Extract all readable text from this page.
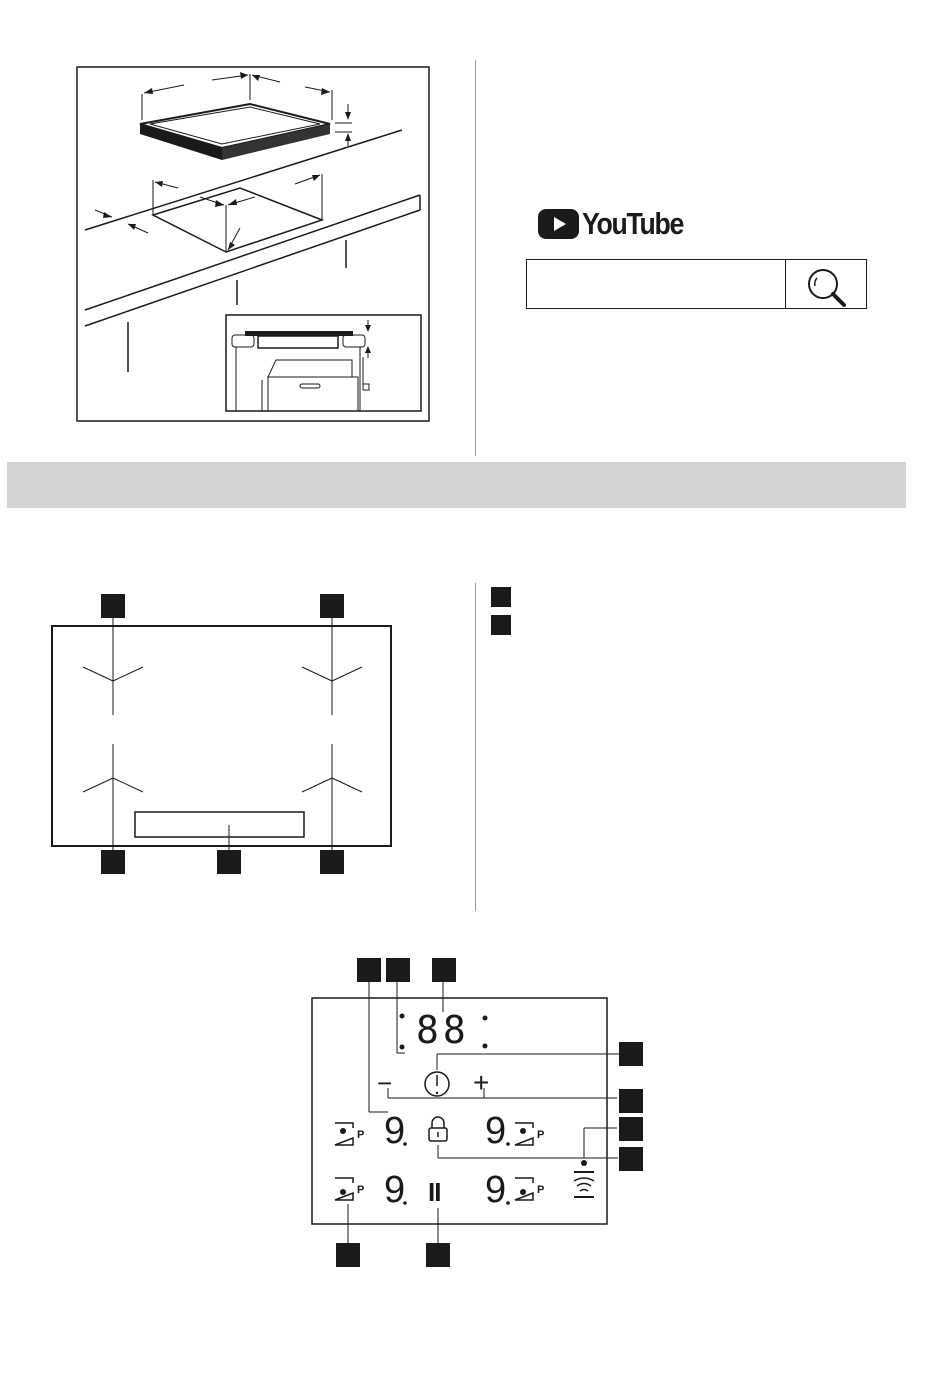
YouTube
88
−	+
II
9 9
9 9
P	P
P	P
